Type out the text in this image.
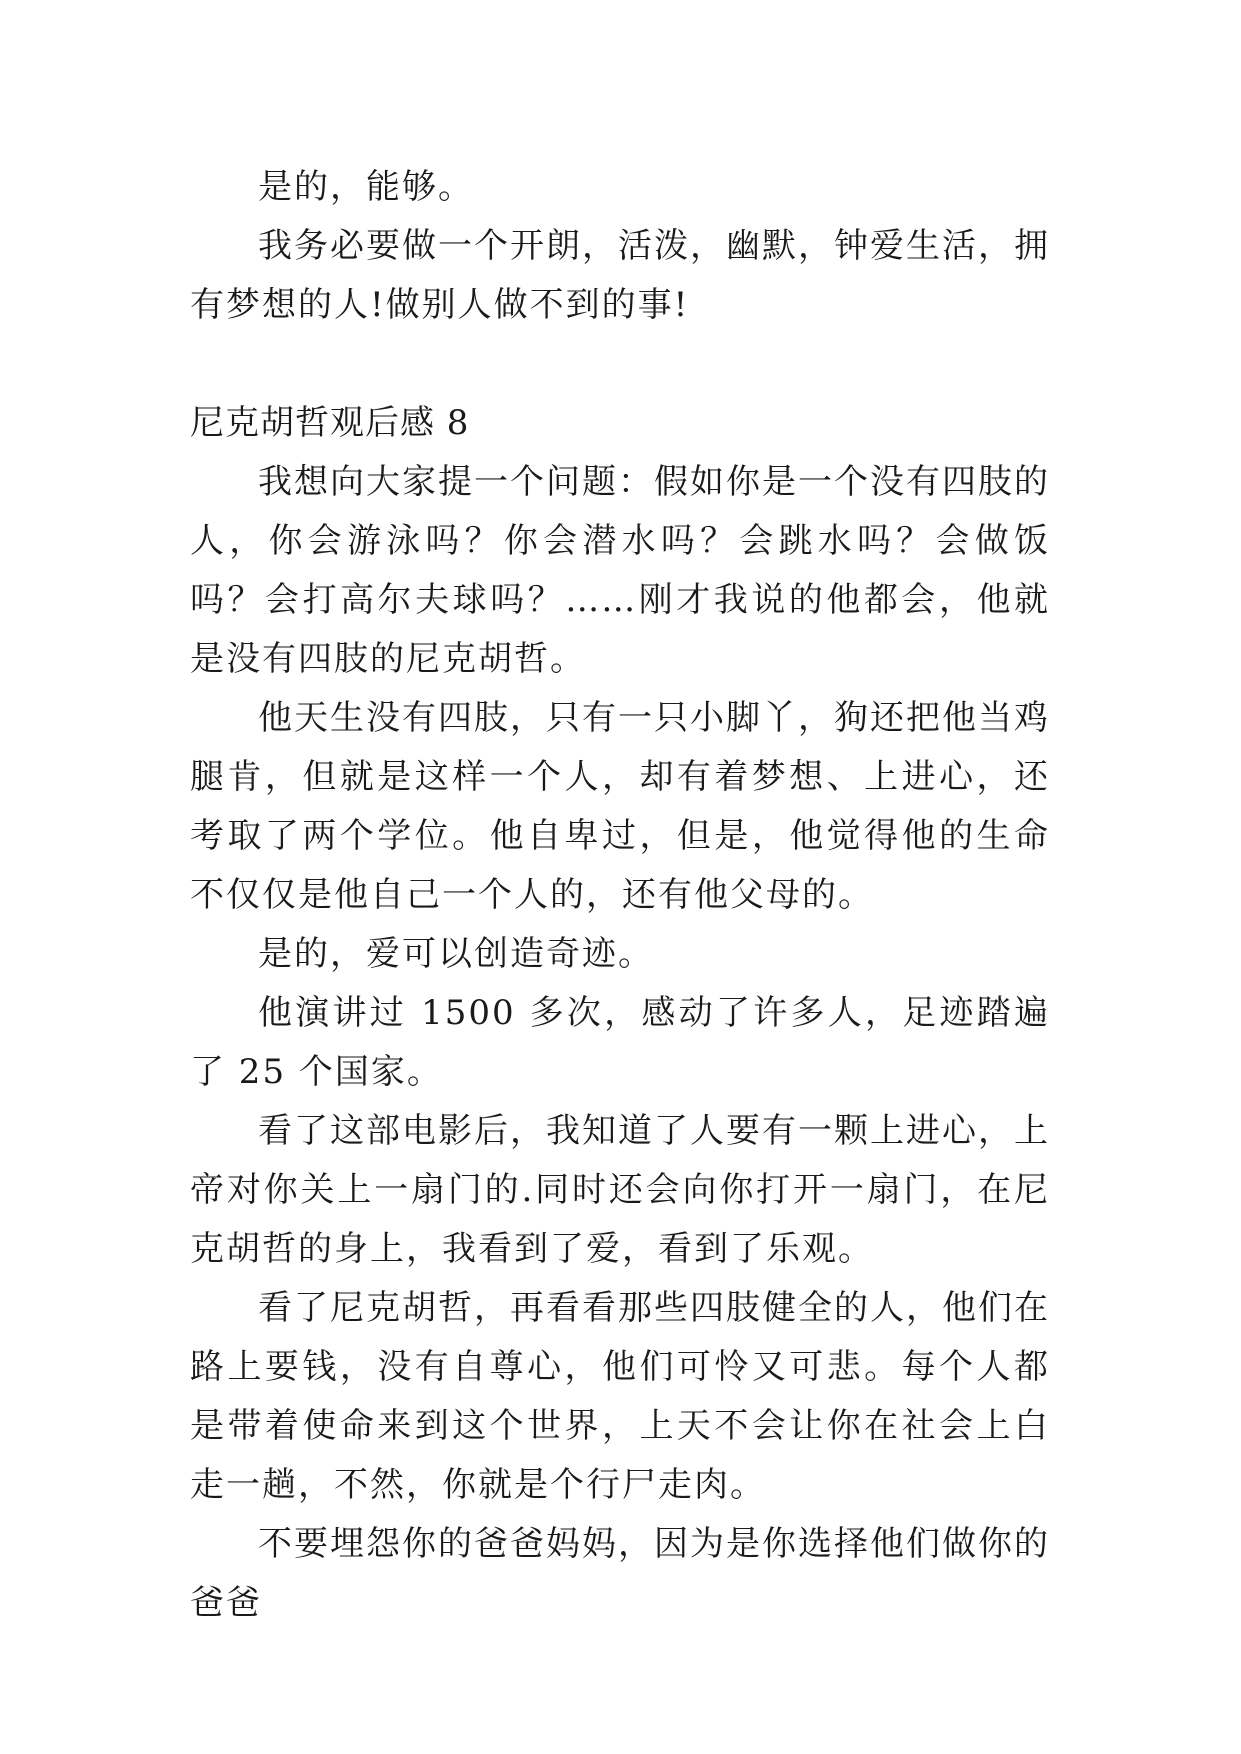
是的，能够。

我务必要做一个开朗，活泼，幽默，钟爱生活，拥有梦想的人!做别人做不到的事!

尼克胡哲观后感 8

我想向大家提一个问题：假如你是一个没有四肢的人，你会游泳吗？你会潜水吗？会跳水吗？会做饭吗？会打高尔夫球吗？……刚才我说的他都会，他就是没有四肢的尼克胡哲。

他天生没有四肢，只有一只小脚丫，狗还把他当鸡腿肯，但就是这样一个人，却有着梦想、上进心，还考取了两个学位。他自卑过，但是，他觉得他的生命不仅仅是他自己一个人的，还有他父母的。

是的，爱可以创造奇迹。

他演讲过 1500 多次，感动了许多人，足迹踏遍了 25 个国家。

看了这部电影后，我知道了人要有一颗上进心，上帝对你关上一扇门的.同时还会向你打开一扇门，在尼克胡哲的身上，我看到了爱，看到了乐观。

看了尼克胡哲，再看看那些四肢健全的人，他们在路上要钱，没有自尊心，他们可怜又可悲。每个人都是带着使命来到这个世界，上天不会让你在社会上白走一趟，不然，你就是个行尸走肉。

不要埋怨你的爸爸妈妈，因为是你选择他们做你的爸爸
